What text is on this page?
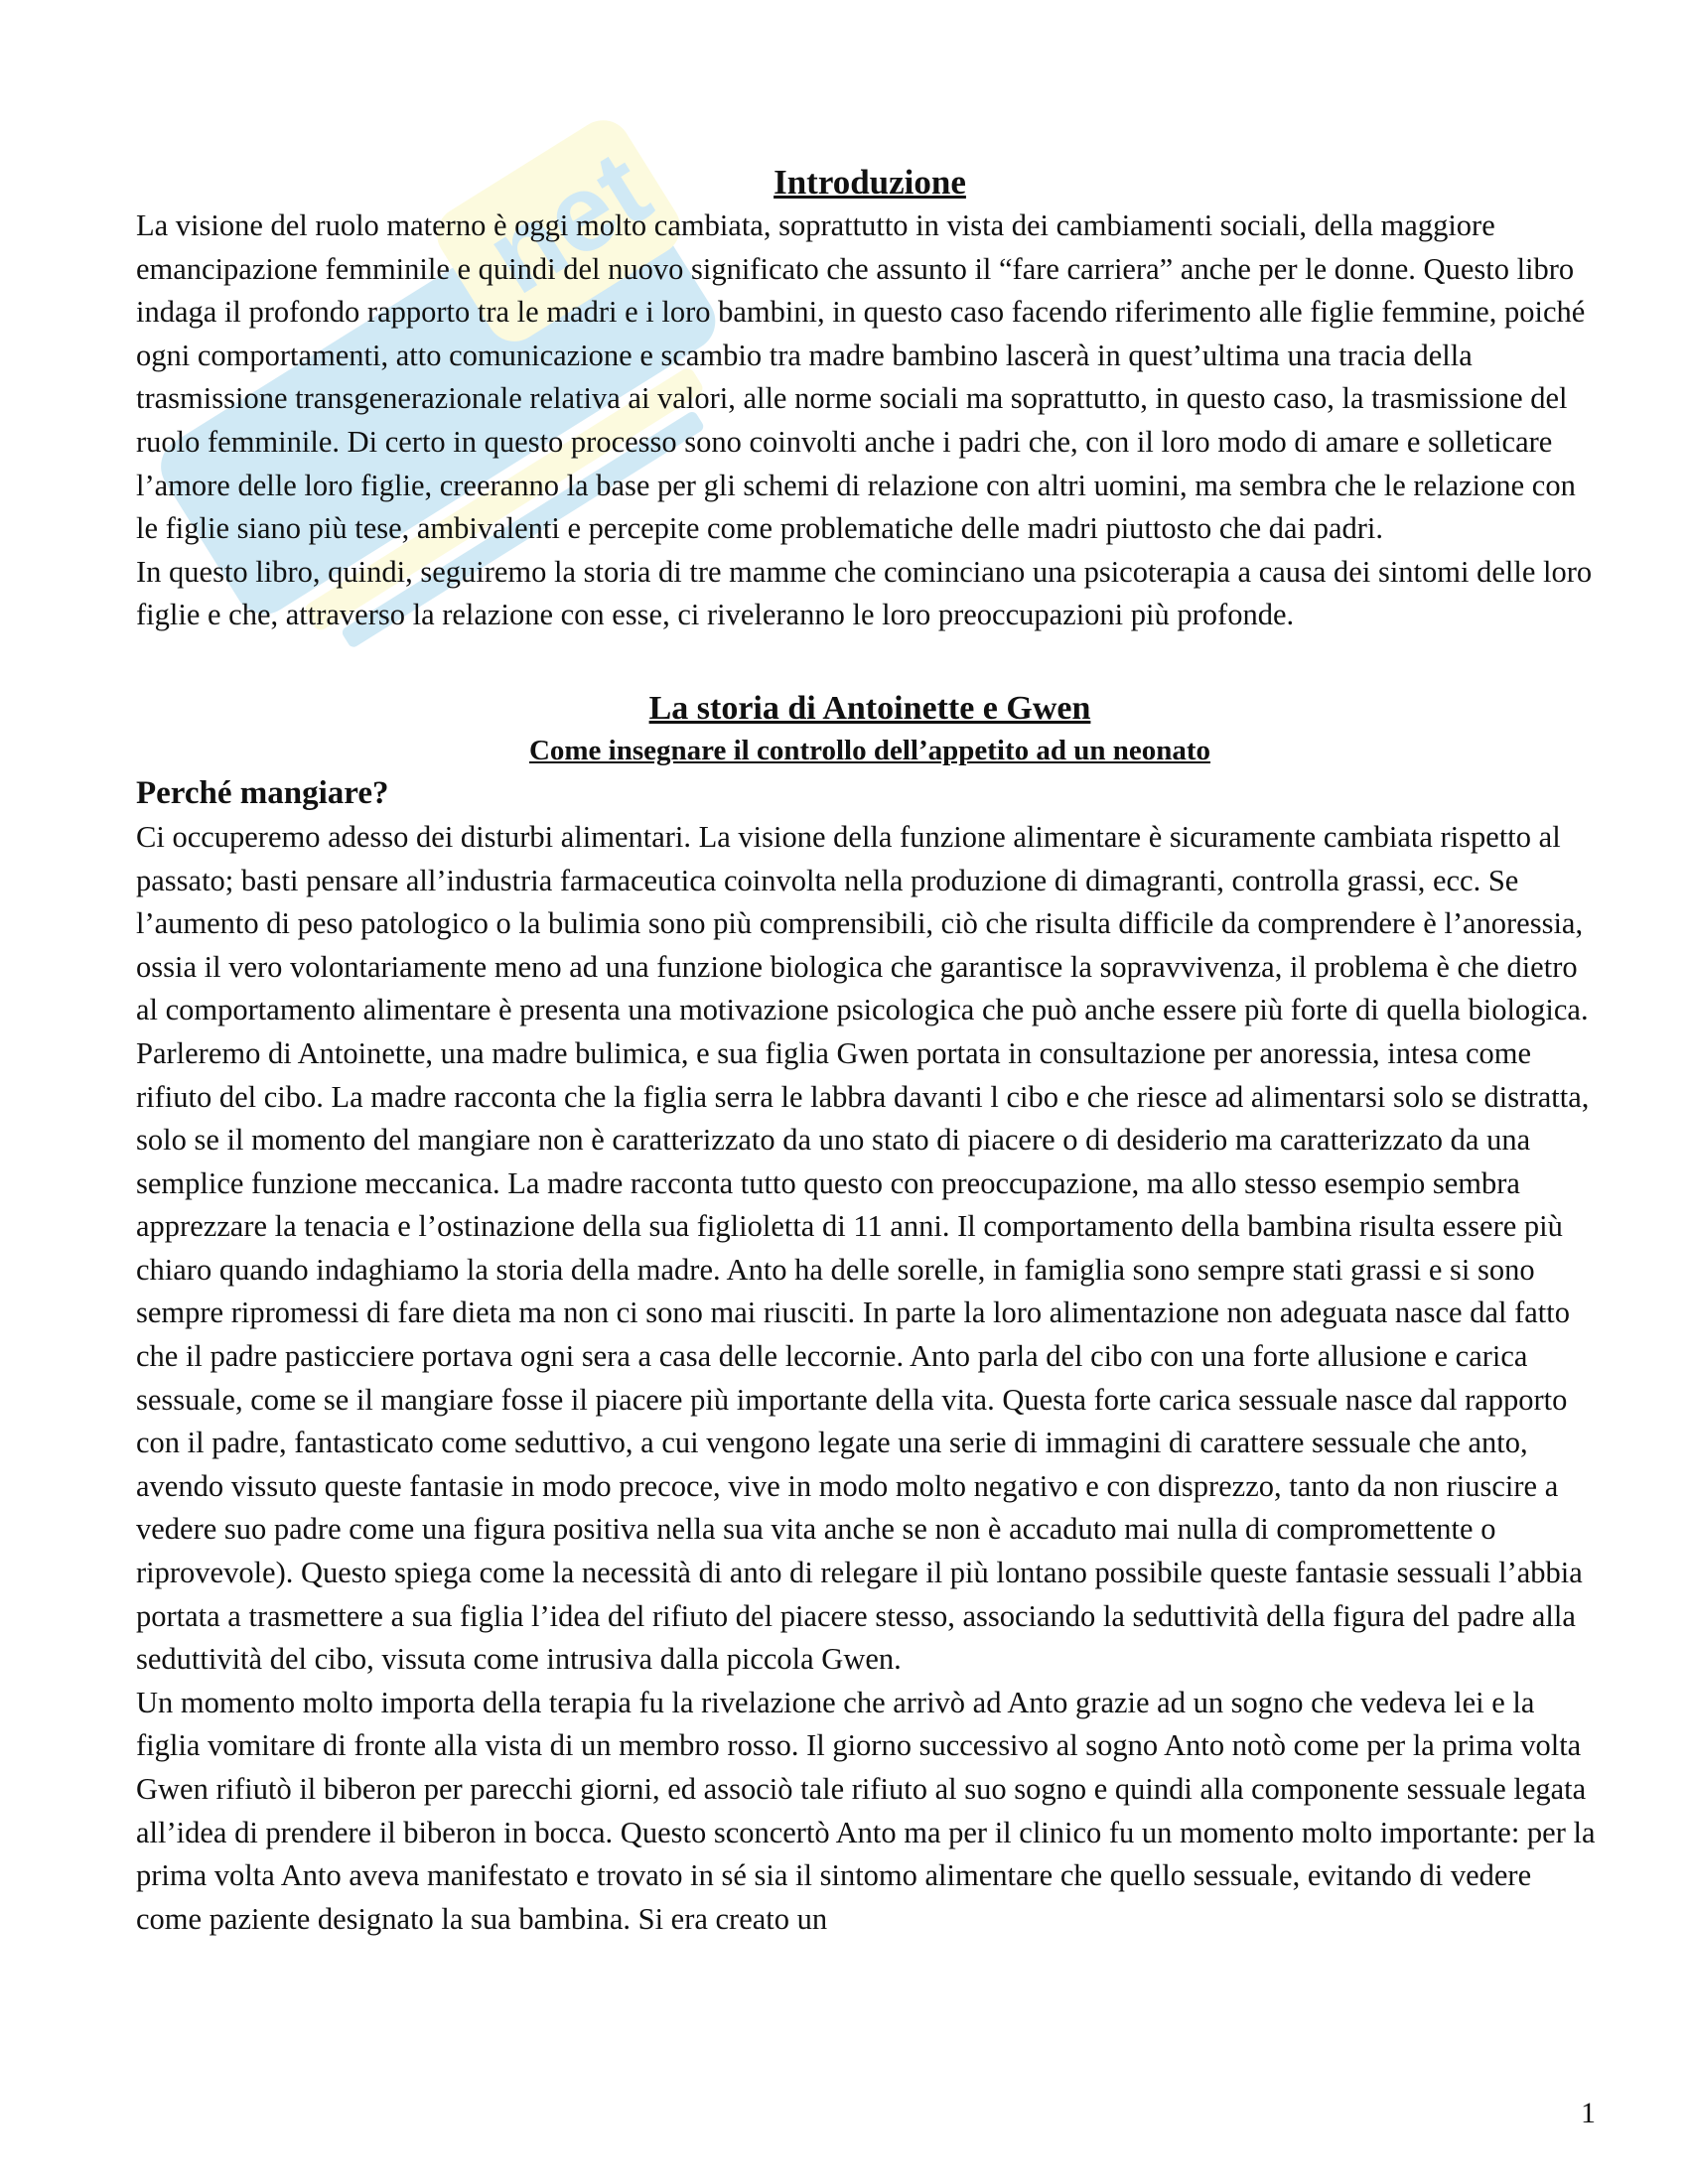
net	Introduzione

La visione del ruolo materno è oggi molto cambiata, soprattutto in vista dei cambiamenti sociali, della maggiore emancipazione femminile e quindi del nuovo significato che assunto il “fare carriera” anche per le donne. Questo libro indaga il profondo rapporto tra le madri e i loro bambini, in questo caso facendo riferimento alle figlie femmine, poiché ogni comportamenti, atto comunicazione e scambio tra madre bambino lascerà in quest’ultima una tracia della trasmissione transgenerazionale relativa ai valori, alle norme sociali ma soprattutto, in questo caso, la trasmissione del ruolo femminile. Di certo in questo processo sono coinvolti anche i padri che, con il loro modo di amare e solleticare l’amore delle loro figlie, creeranno la base per gli schemi di relazione con altri uomini, ma sembra che le relazione con le figlie siano più tese, ambivalenti e percepite come problematiche delle madri piuttosto che dai padri.

In questo libro, quindi, seguiremo la storia di tre mamme che cominciano una psicoterapia a causa dei sintomi delle loro figlie e che, attraverso la relazione con esse, ci riveleranno le loro preoccupazioni più profonde.

La storia di Antoinette e Gwen
Come insegnare il controllo dell’appetito ad un neonato
Perché mangiare?

Ci occuperemo adesso dei disturbi alimentari. La visione della funzione alimentare è sicuramente cambiata rispetto al passato; basti pensare all’industria farmaceutica coinvolta nella produzione di dimagranti, controlla grassi, ecc. Se l’aumento di peso patologico o la bulimia sono più comprensibili, ciò che risulta difficile da comprendere è l’anoressia, ossia il vero volontariamente meno ad una funzione biologica che garantisce la sopravvivenza, il problema è che dietro al comportamento alimentare è presenta una motivazione psicologica che può anche essere più forte di quella biologica.

Parleremo di Antoinette, una madre bulimica, e sua figlia Gwen portata in consultazione per anoressia, intesa come rifiuto del cibo. La madre racconta che la figlia serra le labbra davanti l cibo e che riesce ad alimentarsi solo se distratta, solo se il momento del mangiare non è caratterizzato da uno stato di piacere o di desiderio ma caratterizzato da una semplice funzione meccanica. La madre racconta tutto questo con preoccupazione, ma allo stesso esempio sembra apprezzare la tenacia e l’ostinazione della sua figlioletta di 11 anni. Il comportamento della bambina risulta essere più chiaro quando indaghiamo la storia della madre. Anto ha delle sorelle, in famiglia sono sempre stati grassi e si sono sempre ripromessi di fare dieta ma non ci sono mai riusciti. In parte la loro alimentazione non adeguata nasce dal fatto che il padre pasticciere portava ogni sera a casa delle leccornie. Anto parla del cibo con una forte allusione e carica sessuale, come se il mangiare fosse il piacere più importante della vita. Questa forte carica sessuale nasce dal rapporto con il padre, fantasticato come seduttivo, a cui vengono legate una serie di immagini di carattere sessuale che anto, avendo vissuto queste fantasie in modo precoce, vive in modo molto negativo e con disprezzo, tanto da non riuscire a vedere suo padre come una figura positiva nella sua vita anche se non è accaduto mai nulla di compromettente o riprovevole). Questo spiega come la necessità di anto di relegare il più lontano possibile queste fantasie sessuali l’abbia portata a trasmettere a sua figlia l’idea del rifiuto del piacere stesso, associando la seduttività della figura del padre alla seduttività del cibo, vissuta come intrusiva dalla piccola Gwen.

Un momento molto importa della terapia fu la rivelazione che arrivò ad Anto grazie ad un sogno che vedeva lei e la figlia vomitare di fronte alla vista di un membro rosso. Il giorno successivo al sogno Anto notò come per la prima volta Gwen rifiutò il biberon per parecchi giorni, ed associò tale rifiuto al suo sogno e quindi alla componente sessuale legata all’idea di prendere il biberon in bocca. Questo sconcertò Anto ma per il clinico fu un momento molto importante: per la prima volta Anto aveva manifestato e trovato in sé sia il sintomo alimentare che quello sessuale, evitando di vedere come paziente designato la sua bambina. Si era creato un

1
